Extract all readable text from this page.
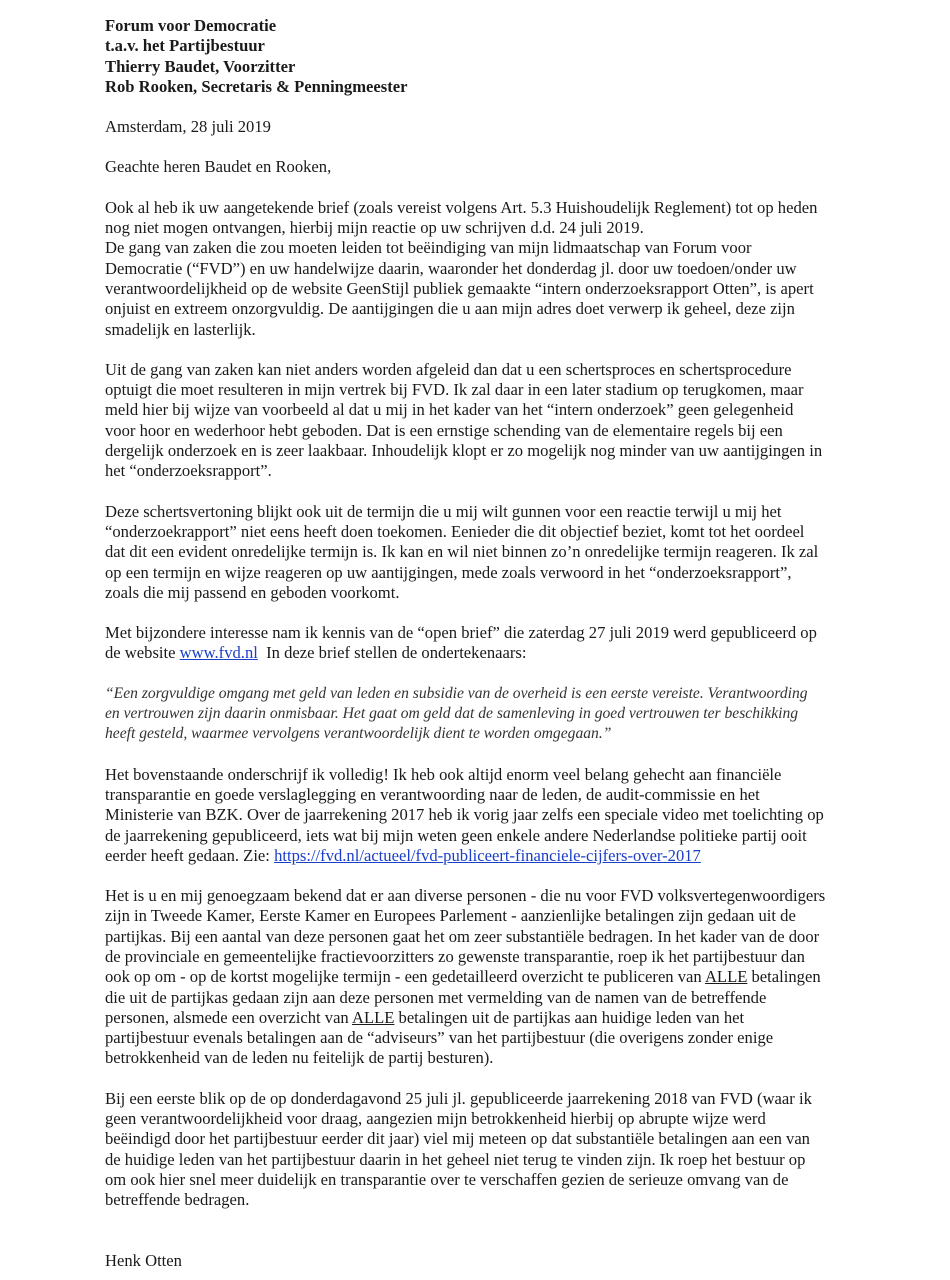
Forum voor Democratie
t.a.v. het Partijbestuur
Thierry Baudet, Voorzitter
Rob Rooken, Secretaris & Penningmeester

Amsterdam, 28 juli 2019

Geachte heren Baudet en Rooken,

Ook al heb ik uw aangetekende brief (zoals vereist volgens Art. 5.3 Huishoudelijk Reglement) tot op heden
nog niet mogen ontvangen, hierbij mijn reactie op uw schrijven d.d. 24 juli 2019.
De gang van zaken die zou moeten leiden tot beëindiging van mijn lidmaatschap van Forum voor
Democratie (“FVD”) en uw handelwijze daarin, waaronder het donderdag jl. door uw toedoen/onder uw
verantwoordelijkheid op de website GeenStijl publiek gemaakte “intern onderzoeksrapport Otten”, is apert
onjuist en extreem onzorgvuldig. De aantijgingen die u aan mijn adres doet verwerp ik geheel, deze zijn
smadelijk en lasterlijk.

Uit de gang van zaken kan niet anders worden afgeleid dan dat u een schertsproces en schertsprocedure
optuigt die moet resulteren in mijn vertrek bij FVD. Ik zal daar in een later stadium op terugkomen, maar
meld hier bij wijze van voorbeeld al dat u mij in het kader van het “intern onderzoek” geen gelegenheid
voor hoor en wederhoor hebt geboden. Dat is een ernstige schending van de elementaire regels bij een
dergelijk onderzoek en is zeer laakbaar. Inhoudelijk klopt er zo mogelijk nog minder van uw aantijgingen in
het “onderzoeksrapport”.

Deze schertsvertoning blijkt ook uit de termijn die u mij wilt gunnen voor een reactie terwijl u mij het
“onderzoekrapport” niet eens heeft doen toekomen. Eenieder die dit objectief beziet, komt tot het oordeel
dat dit een evident onredelijke termijn is. Ik kan en wil niet binnen zo’n onredelijke termijn reageren. Ik zal
op een termijn en wijze reageren op uw aantijgingen, mede zoals verwoord in het “onderzoeksrapport”,
zoals die mij passend en geboden voorkomt.

Met bijzondere interesse nam ik kennis van de “open brief” die zaterdag 27 juli 2019 werd gepubliceerd op
de website www.fvd.nl  In deze brief stellen de ondertekenaars:

“Een zorgvuldige omgang met geld van leden en subsidie van de overheid is een eerste vereiste. Verantwoording
en vertrouwen zijn daarin onmisbaar. Het gaat om geld dat de samenleving in goed vertrouwen ter beschikking
heeft gesteld, waarmee vervolgens verantwoordelijk dient te worden omgegaan.”

Het bovenstaande onderschrijf ik volledig! Ik heb ook altijd enorm veel belang gehecht aan financiële
transparantie en goede verslaglegging en verantwoording naar de leden, de audit-commissie en het
Ministerie van BZK. Over de jaarrekening 2017 heb ik vorig jaar zelfs een speciale video met toelichting op
de jaarrekening gepubliceerd, iets wat bij mijn weten geen enkele andere Nederlandse politieke partij ooit
eerder heeft gedaan. Zie: https://fvd.nl/actueel/fvd-publiceert-financiele-cijfers-over-2017

Het is u en mij genoegzaam bekend dat er aan diverse personen - die nu voor FVD volksvertegenwoordigers
zijn in Tweede Kamer, Eerste Kamer en Europees Parlement - aanzienlijke betalingen zijn gedaan uit de
partijkas. Bij een aantal van deze personen gaat het om zeer substantiële bedragen. In het kader van de door
de provinciale en gemeentelijke fractievoorzitters zo gewenste transparantie, roep ik het partijbestuur dan
ook op om - op de kortst mogelijke termijn - een gedetailleerd overzicht te publiceren van ALLE betalingen
die uit de partijkas gedaan zijn aan deze personen met vermelding van de namen van de betreffende
personen, alsmede een overzicht van ALLE betalingen uit de partijkas aan huidige leden van het
partijbestuur evenals betalingen aan de “adviseurs” van het partijbestuur (die overigens zonder enige
betrokkenheid van de leden nu feitelijk de partij besturen).

Bij een eerste blik op de op donderdagavond 25 juli jl. gepubliceerde jaarrekening 2018 van FVD (waar ik
geen verantwoordelijkheid voor draag, aangezien mijn betrokkenheid hierbij op abrupte wijze werd
beëindigd door het partijbestuur eerder dit jaar) viel mij meteen op dat substantiële betalingen aan een van
de huidige leden van het partijbestuur daarin in het geheel niet terug te vinden zijn. Ik roep het bestuur op
om ook hier snel meer duidelijk en transparantie over te verschaffen gezien de serieuze omvang van de
betreffende bedragen.

Henk Otten
